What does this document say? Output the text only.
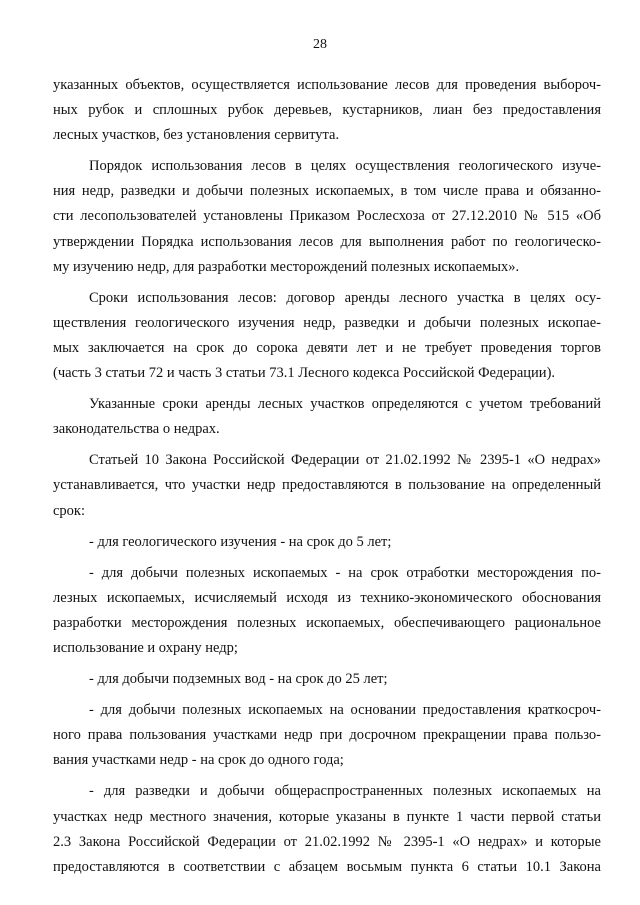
28
указанных объектов, осуществляется использование лесов для проведения выбороч-
ных рубок и сплошных рубок деревьев, кустарников, лиан без предоставления
лесных участков, без установления сервитута.
Порядок использования лесов в целях осуществления геологического изуче-
ния недр, разведки и добычи полезных ископаемых, в том числе права и обязанно-
сти лесопользователей установлены Приказом Рослесхоза от 27.12.2010 № 515 «Об
утверждении Порядка использования лесов для выполнения работ по геологическо-
му изучению недр, для разработки месторождений полезных ископаемых».
Сроки использования лесов: договор аренды лесного участка в целях осу-
ществления геологического изучения недр, разведки и добычи полезных ископае-
мых заключается на срок до сорока девяти лет и не требует проведения торгов
(часть 3 статьи 72 и часть 3 статьи 73.1 Лесного кодекса Российской Федерации).
Указанные сроки аренды лесных участков определяются с учетом требований
законодательства о недрах.
Статьей 10 Закона Российской Федерации от 21.02.1992 № 2395-1 «О недрах»
устанавливается, что участки недр предоставляются в пользование на определенный
срок:
- для геологического изучения - на срок до 5 лет;
- для добычи полезных ископаемых - на срок отработки месторождения по-
лезных ископаемых, исчисляемый исходя из технико-экономического обоснования
разработки месторождения полезных ископаемых, обеспечивающего рациональное
использование и охрану недр;
- для добычи подземных вод - на срок до 25 лет;
- для добычи полезных ископаемых на основании предоставления краткосроч-
ного права пользования участками недр при досрочном прекращении права пользо-
вания участками недр - на срок до одного года;
- для разведки и добычи общераспространенных полезных ископаемых на
участках недр местного значения, которые указаны в пункте 1 части первой статьи
2.3 Закона Российской Федерации от 21.02.1992 № 2395-1 «О недрах» и которые
предоставляются в соответствии с абзацем восьмым пункта 6 статьи 10.1 Закона
